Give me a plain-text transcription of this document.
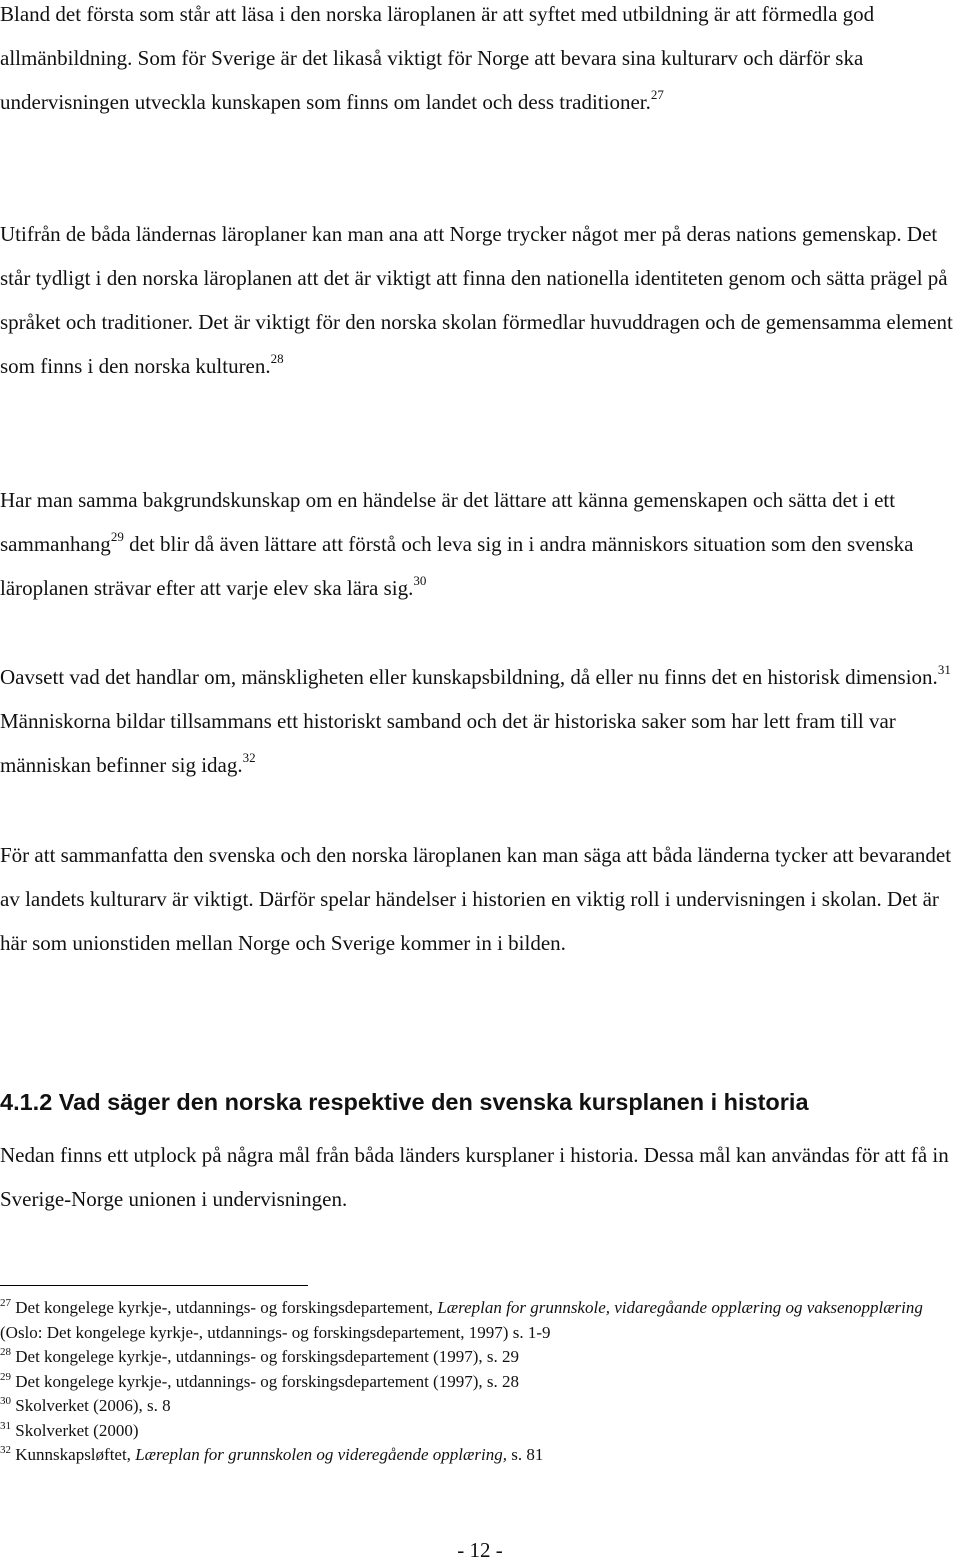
Bland det första som står att läsa i den norska läroplanen är att syftet med utbildning är att förmedla god allmänbildning. Som för Sverige är det likaså viktigt för Norge att bevara sina kulturarv och därför ska undervisningen utveckla kunskapen som finns om landet och dess traditioner.$^{27}$

Utifrån de båda ländernas läroplaner kan man ana att Norge trycker något mer på deras nations gemenskap. Det står tydligt i den norska läroplanen att det är viktigt att finna den nationella identiteten genom och sätta prägel på språket och traditioner. Det är viktigt för den norska skolan förmedlar huvuddragen och de gemensamma element som finns i den norska kulturen.$^{28}$

Har man samma bakgrundskunskap om en händelse är det lättare att känna gemenskapen och sätta det i ett sammanhang$^{29}$ det blir då även lättare att förstå och leva sig in i andra människors situation som den svenska läroplanen strävar efter att varje elev ska lära sig.$^{30}$

Oavsett vad det handlar om, mänskligheten eller kunskapsbildning, då eller nu finns det en historisk dimension.$^{31}$ Människorna bildar tillsammans ett historiskt samband och det är historiska saker som har lett fram till var människan befinner sig idag.$^{32}$

För att sammanfatta den svenska och den norska läroplanen kan man säga att båda länderna tycker att bevarandet av landets kulturarv är viktigt. Därför spelar händelser i historien en viktig roll i undervisningen i skolan. Det är här som unionstiden mellan Norge och Sverige kommer in i bilden.

4.1.2 Vad säger den norska respektive den svenska kursplanen i historia

Nedan finns ett utplock på några mål från båda länders kursplaner i historia. Dessa mål kan användas för att få in Sverige-Norge unionen i undervisningen.

$^{27}$ Det kongelege kyrkje-, utdannings- og forskingsdepartement, Læreplan for grunnskole, vidaregåande opplæring og vaksenopplæring (Oslo: Det kongelege kyrkje-, utdannings- og forskingsdepartement, 1997) s. 1-9

$^{28}$ Det kongelege kyrkje-, utdannings- og forskingsdepartement (1997), s. 29

$^{29}$ Det kongelege kyrkje-, utdannings- og forskingsdepartement (1997), s. 28

$^{30}$ Skolverket (2006), s. 8

$^{31}$ Skolverket (2000)

$^{32}$ Kunnskapsløftet, Læreplan for grunnskolen og videregående opplæring, s. 81

- 12 -
